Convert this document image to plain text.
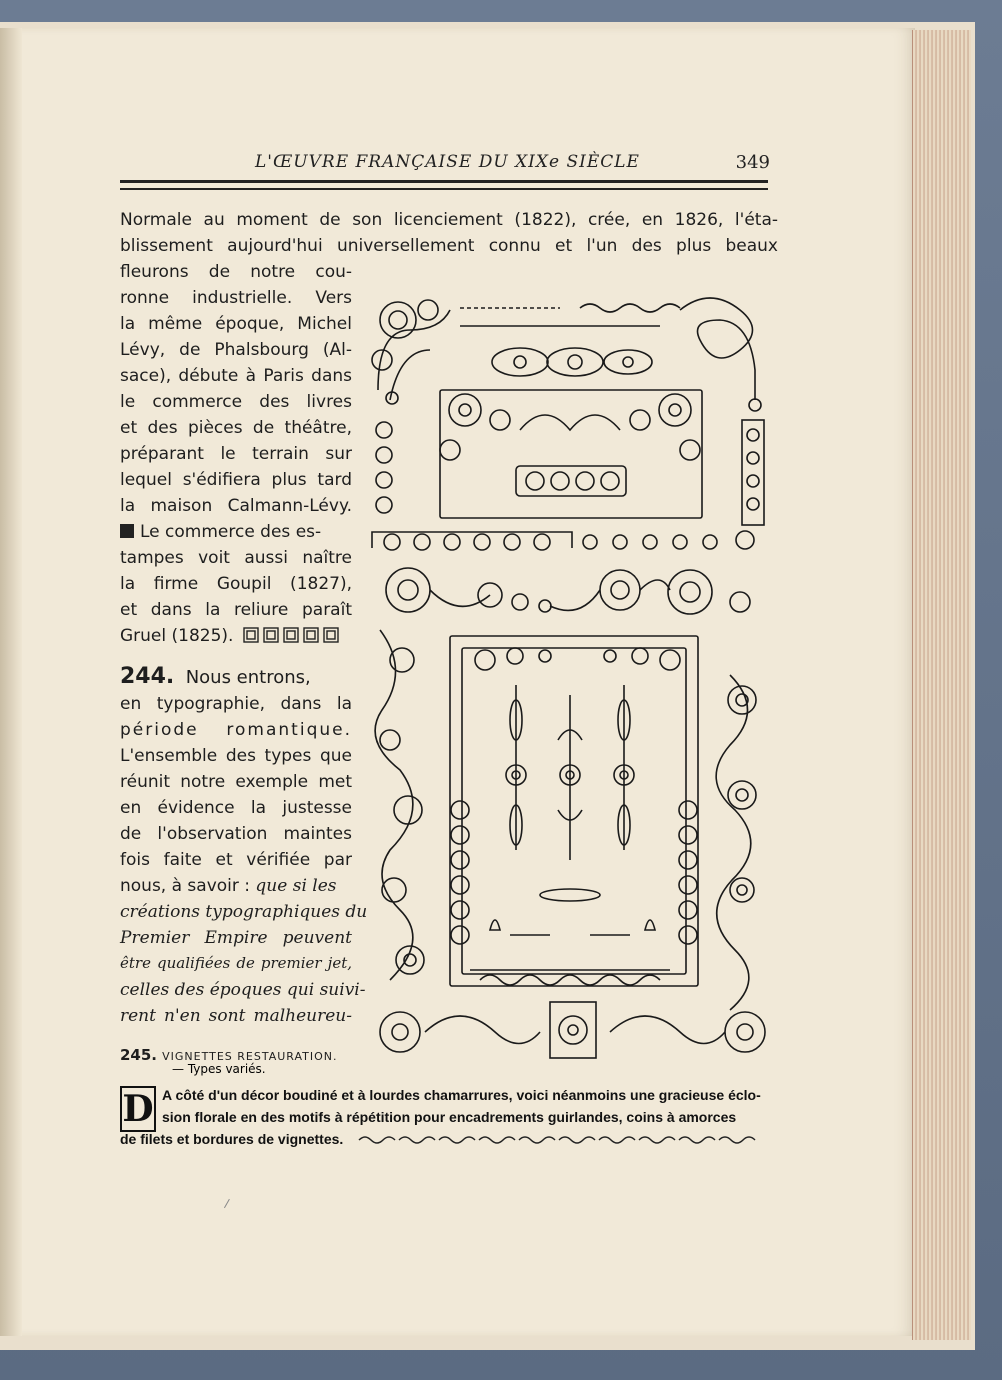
L'ŒUVRE FRANÇAISE DU XIXe SIÈCLE	349
Normale au moment de son licenciement (1822), crée, en 1826, l'éta-
blissement aujourd'hui universellement connu et l'un des plus beaux
fleurons de notre cou-
ronne industrielle. Vers
la même époque, Michel
Lévy, de Phalsbourg (Al-
sace), débute à Paris dans
le commerce des livres
et des pièces de théâtre,
préparant le terrain sur
lequel s'édifiera plus tard
la maison Calmann-Lévy.
Le commerce des es-
tampes voit aussi naître
la firme Goupil (1827),
et dans la reliure paraît
Gruel (1825).
244. Nous entrons,
en typographie, dans la
période romantique.
L'ensemble des types que
réunit notre exemple met
en évidence la justesse
de l'observation maintes
fois faite et vérifiée par
nous, à savoir : que si les
créations typographiques du
Premier Empire peuvent
être qualifiées de premier jet,
celles des époques qui suivi-
rent n'en sont malheureu-
245. VIGNETTES RESTAURATION.
— Types variés.
D A côté d'un décor boudiné et à lourdes chamarrures, voici néanmoins une gracieuse éclo-
sion florale en des motifs à répétition pour encadrements guirlandes, coins à amorces
de filets et bordures de vignettes.
